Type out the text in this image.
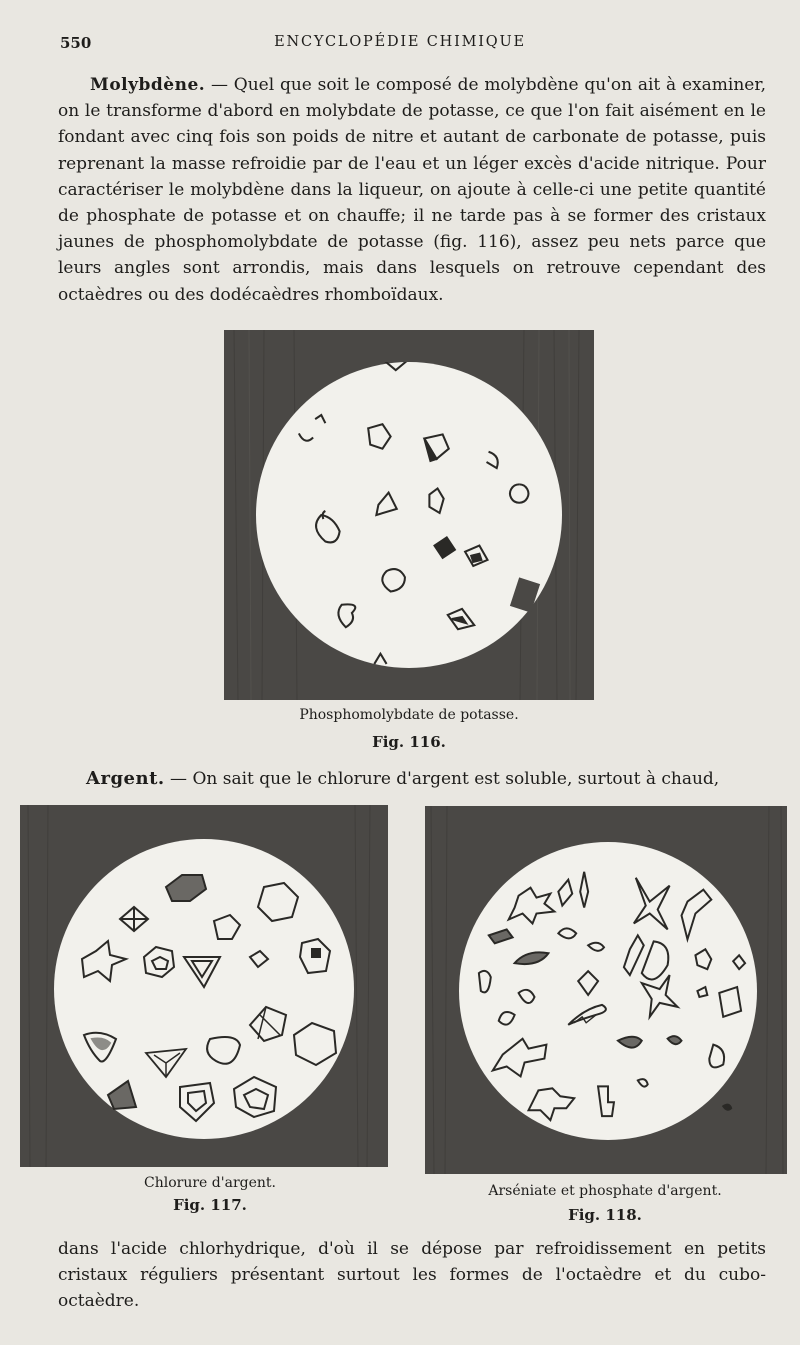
550	ENCYCLOPÉDIE CHIMIQUE

Molybdène. — Quel que soit le composé de molybdène qu'on ait à examiner, on le transforme d'abord en molybdate de potasse, ce que l'on fait aisément en le fondant avec cinq fois son poids de nitre et autant de carbonate de potasse, puis reprenant la masse refroidie par de l'eau et un léger excès d'acide nitrique. Pour caractériser le molybdène dans la liqueur, on ajoute à celle-ci une petite quantité de phosphate de potasse et on chauffe; il ne tarde pas à se former des cristaux jaunes de phosphomolybdate de potasse (fig. 116), assez peu nets parce que leurs angles sont arrondis, mais dans lesquels on retrouve cependant des octaèdres ou des dodécaèdres rhomboïdaux.

Phosphomolybdate de potasse.
Fig. 116.

Argent. — On sait que le chlorure d'argent est soluble, surtout à chaud,

Chlorure d'argent.
Fig. 117.
Arséniate et phosphate d'argent.
Fig. 118.

dans l'acide chlorhydrique, d'où il se dépose par refroidissement en petits cristaux réguliers présentant surtout les formes de l'octaèdre et du cubo-octaèdre.
